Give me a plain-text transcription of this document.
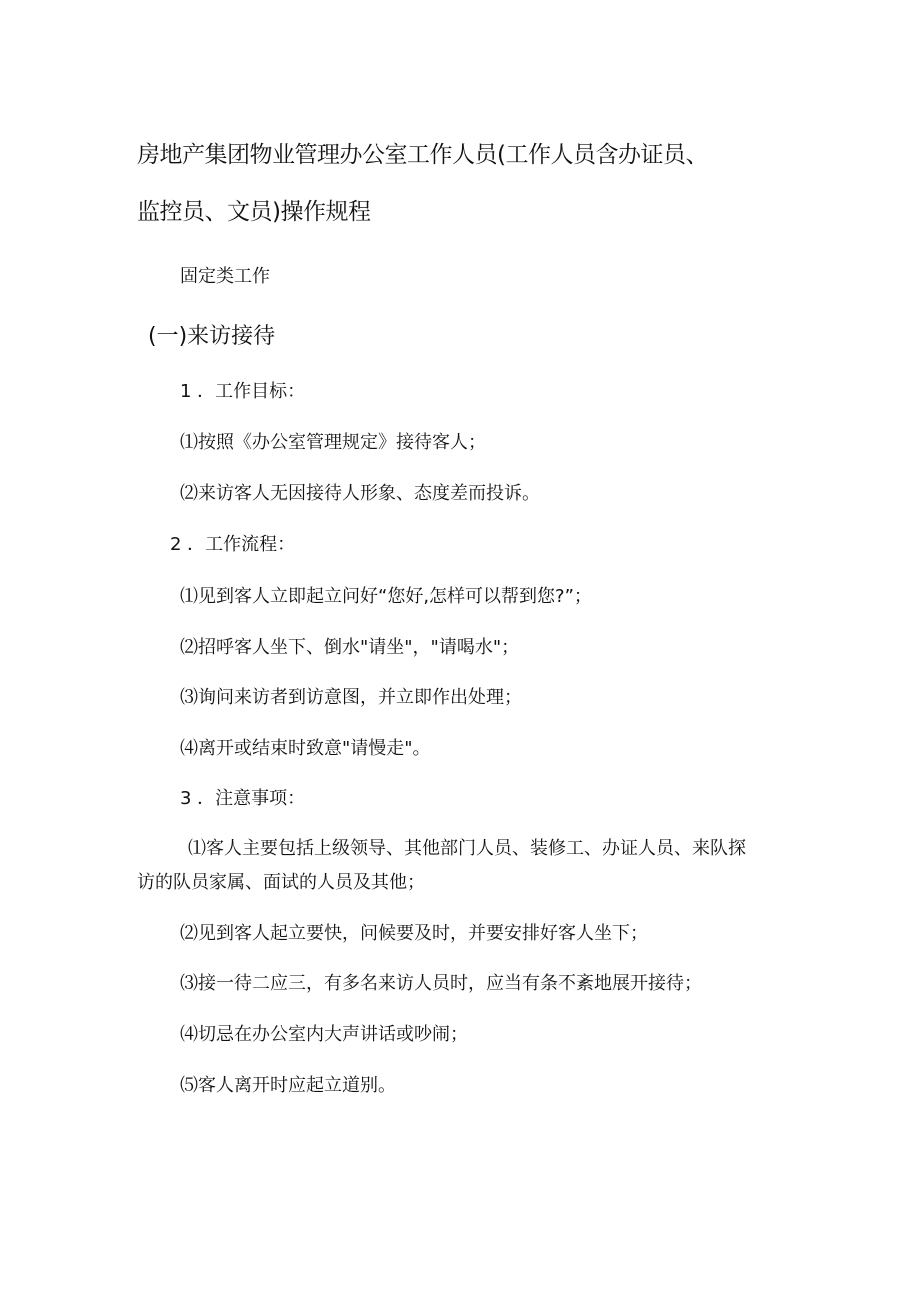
房地产集团物业管理办公室工作人员(工作人员含办证员、
监控员、文员)操作规程
固定类工作
(一)来访接待
1 ．工作目标：
⑴按照《办公室管理规定》接待客人；
⑵来访客人无因接待人形象、态度差而投诉。
2 ．工作流程：
⑴见到客人立即起立问好“您好,怎样可以帮到您?”；
⑵招呼客人坐下、倒水"请坐"，"请喝水"；
⑶询问来访者到访意图，并立即作出处理；
⑷离开或结束时致意"请慢走"。
3 ．注意事项：
⑴客人主要包括上级领导、其他部门人员、装修工、办证人员、来队探
访的队员家属、面试的人员及其他；
⑵见到客人起立要快，问候要及时，并要安排好客人坐下；
⑶接一待二应三，有多名来访人员时，应当有条不紊地展开接待；
⑷切忌在办公室内大声讲话或吵闹；
⑸客人离开时应起立道别。
